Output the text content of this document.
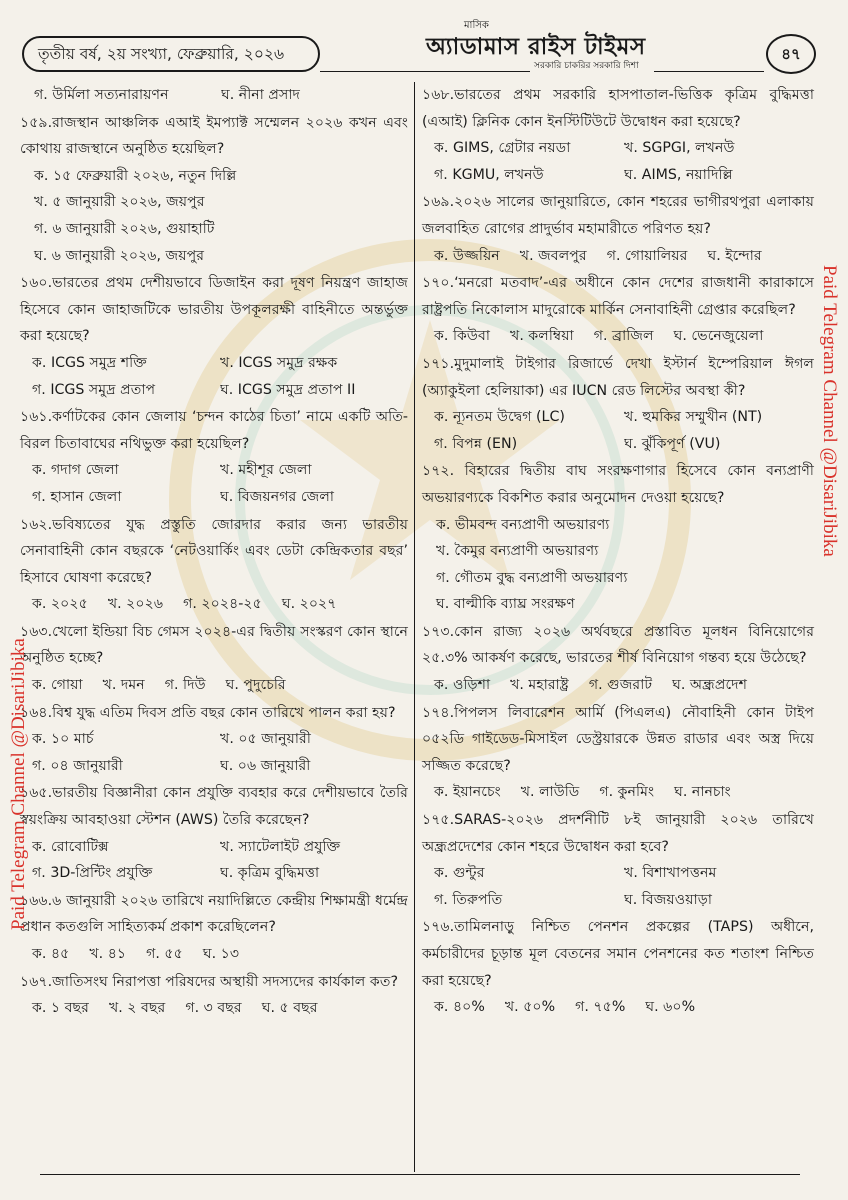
তৃতীয় বর্ষ, ২য় সংখ্যা, ফেব্রুয়ারি, ২০২৬
মাসিক
অ্যাডামাস রাইস টাইমস
সরকারি চাকরির সরকারি দিশা
৪৭
গ. উর্মিলা সত্যনারায়ণন	ঘ. নীনা প্রসাদ
১৫৯.রাজস্থান আঞ্চলিক এআই ইমপ্যাক্ট সম্মেলন ২০২৬ কখন এবং কোথায় রাজস্থানে অনুষ্ঠিত হয়েছিল?
ক. ১৫ ফেব্রুয়ারী ২০২৬, নতুন দিল্লি
খ. ৫ জানুয়ারী ২০২৬, জয়পুর
গ. ৬ জানুয়ারী ২০২৬, গুয়াহাটি
ঘ. ৬ জানুয়ারী ২০২৬, জয়পুর
১৬০.ভারতের প্রথম দেশীয়ভাবে ডিজাইন করা দূষণ নিয়ন্ত্রণ জাহাজ হিসেবে কোন জাহাজটিকে ভারতীয় উপকূলরক্ষী বাহিনীতে অন্তর্ভুক্ত করা হয়েছে?
ক. ICGS সমুদ্র শক্তি	খ. ICGS সমুদ্র রক্ষক
গ. ICGS সমুদ্র প্রতাপ	ঘ. ICGS সমুদ্র প্রতাপ II
১৬১.কর্ণাটকের কোন জেলায় ‘চন্দন কাঠের চিতা’ নামে একটি অতি-বিরল চিতাবাঘের নথিভুক্ত করা হয়েছিল?
ক. গদাগ জেলা	খ. মহীশূর জেলা
গ. হাসান জেলা	ঘ. বিজয়নগর জেলা
১৬২.ভবিষ্যতের যুদ্ধ প্রস্তুতি জোরদার করার জন্য ভারতীয় সেনাবাহিনী কোন বছরকে ‘নেটওয়ার্কিং এবং ডেটা কেন্দ্রিকতার বছর’ হিসাবে ঘোষণা করেছে?
ক. ২০২৫ খ. ২০২৬ গ. ২০২৪-২৫ ঘ. ২০২৭
১৬৩.খেলো ইন্ডিয়া বিচ গেমস ২০২৪-এর দ্বিতীয় সংস্করণ কোন স্থানে অনুষ্ঠিত হচ্ছে?
ক. গোয়া খ. দমন গ. দিউ ঘ. পুদুচেরি
১৬৪.বিশ্ব যুদ্ধ এতিম দিবস প্রতি বছর কোন তারিখে পালন করা হয়?
ক. ১০ মার্চ	খ. ০৫ জানুয়ারী
গ. ০৪ জানুয়ারী	ঘ. ০৬ জানুয়ারী
১৬৫.ভারতীয় বিজ্ঞানীরা কোন প্রযুক্তি ব্যবহার করে দেশীয়ভাবে তৈরি স্বয়ংক্রিয় আবহাওয়া স্টেশন (AWS) তৈরি করেছেন?
ক. রোবোটিক্স	খ. স্যাটেলাইট প্রযুক্তি
গ. 3D-প্রিন্টিং প্রযুক্তি	ঘ. কৃত্রিম বুদ্ধিমত্তা
১৬৬.৬ জানুয়ারী ২০২৬ তারিখে নয়াদিল্লিতে কেন্দ্রীয় শিক্ষামন্ত্রী ধর্মেন্দ্র প্রধান কতগুলি সাহিত্যকর্ম প্রকাশ করেছিলেন?
ক. ৪৫ খ. ৪১ গ. ৫৫ ঘ. ১৩
১৬৭.জাতিসংঘ নিরাপত্তা পরিষদের অস্থায়ী সদস্যদের কার্যকাল কত?
ক. ১ বছর খ. ২ বছর গ. ৩ বছর ঘ. ৫ বছর
১৬৮.ভারতের প্রথম সরকারি হাসপাতাল-ভিত্তিক কৃত্রিম বুদ্ধিমত্তা (এআই) ক্লিনিক কোন ইনস্টিটিউটে উদ্বোধন করা হয়েছে?
ক. GIMS, গ্রেটার নয়ডা	খ. SGPGI, লখনউ
গ. KGMU, লখনউ	ঘ. AIMS, নয়াদিল্লি
১৬৯.২০২৬ সালের জানুয়ারিতে, কোন শহরের ভাগীরথপুরা এলাকায় জলবাহিত রোগের প্রাদুর্ভাব মহামারীতে পরিণত হয়?
ক. উজ্জয়িন খ. জবলপুর গ. গোয়ালিয়র ঘ. ইন্দোর
১৭০.‘মনরো মতবাদ’-এর অধীনে কোন দেশের রাজধানী কারাকাসে রাষ্ট্রপতি নিকোলাস মাদুরোকে মার্কিন সেনাবাহিনী গ্রেপ্তার করেছিল?
ক. কিউবা খ. কলম্বিয়া গ. ব্রাজিল ঘ. ভেনেজুয়েলা
১৭১.মুদুমালাই টাইগার রিজার্ভে দেখা ইস্টার্ন ইম্পেরিয়াল ঈগল (অ্যাকুইলা হেলিয়াকা) এর IUCN রেড লিস্টের অবস্থা কী?
ক. ন্যূনতম উদ্বেগ (LC)	খ. হুমকির সম্মুখীন (NT)
গ. বিপন্ন (EN)	ঘ. ঝুঁকিপূর্ণ (VU)
১৭২. বিহারের দ্বিতীয় বাঘ সংরক্ষণাগার হিসেবে কোন বন্যপ্রাণী অভয়ারণ্যকে বিকশিত করার অনুমোদন দেওয়া হয়েছে?
ক. ভীমবন্দ বন্যপ্রাণী অভয়ারণ্য
খ. কৈমুর বন্যপ্রাণী অভয়ারণ্য
গ. গৌতম বুদ্ধ বন্যপ্রাণী অভয়ারণ্য
ঘ. বাল্মীকি ব্যাঘ্র সংরক্ষণ
১৭৩.কোন রাজ্য ২০২৬ অর্থবছরে প্রস্তাবিত মূলধন বিনিয়োগের ২৫.৩% আকর্ষণ করেছে, ভারতের শীর্ষ বিনিয়োগ গন্তব্য হয়ে উঠেছে?
ক. ওড়িশা খ. মহারাষ্ট্র গ. গুজরাট ঘ. অন্ধ্রপ্রদেশ
১৭৪.পিপলস লিবারেশন আর্মি (পিএলএ) নৌবাহিনী কোন টাইপ ০৫২ডি গাইডেড-মিসাইল ডেস্ট্রয়ারকে উন্নত রাডার এবং অস্ত্র দিয়ে সজ্জিত করেছে?
ক. ইয়ানচেং খ. লাউডি গ. কুনমিং ঘ. নানচাং
১৭৫.SARAS-২০২৬ প্রদর্শনীটি ৮ই জানুয়ারী ২০২৬ তারিখে অন্ধ্রপ্রদেশের কোন শহরে উদ্বোধন করা হবে?
ক. গুন্টুর	খ. বিশাখাপত্তনম
গ. তিরুপতি	ঘ. বিজয়ওয়াড়া
১৭৬.তামিলনাড়ু নিশ্চিত পেনশন প্রকল্পের (TAPS) অধীনে, কর্মচারীদের চূড়ান্ত মূল বেতনের সমান পেনশনের কত শতাংশ নিশ্চিত করা হয়েছে?
ক. ৪০% খ. ৫০% গ. ৭৫% ঘ. ৬০%
Paid Telegram Channel @DisariJibika
Paid Telegram Channel @DisariJibika
